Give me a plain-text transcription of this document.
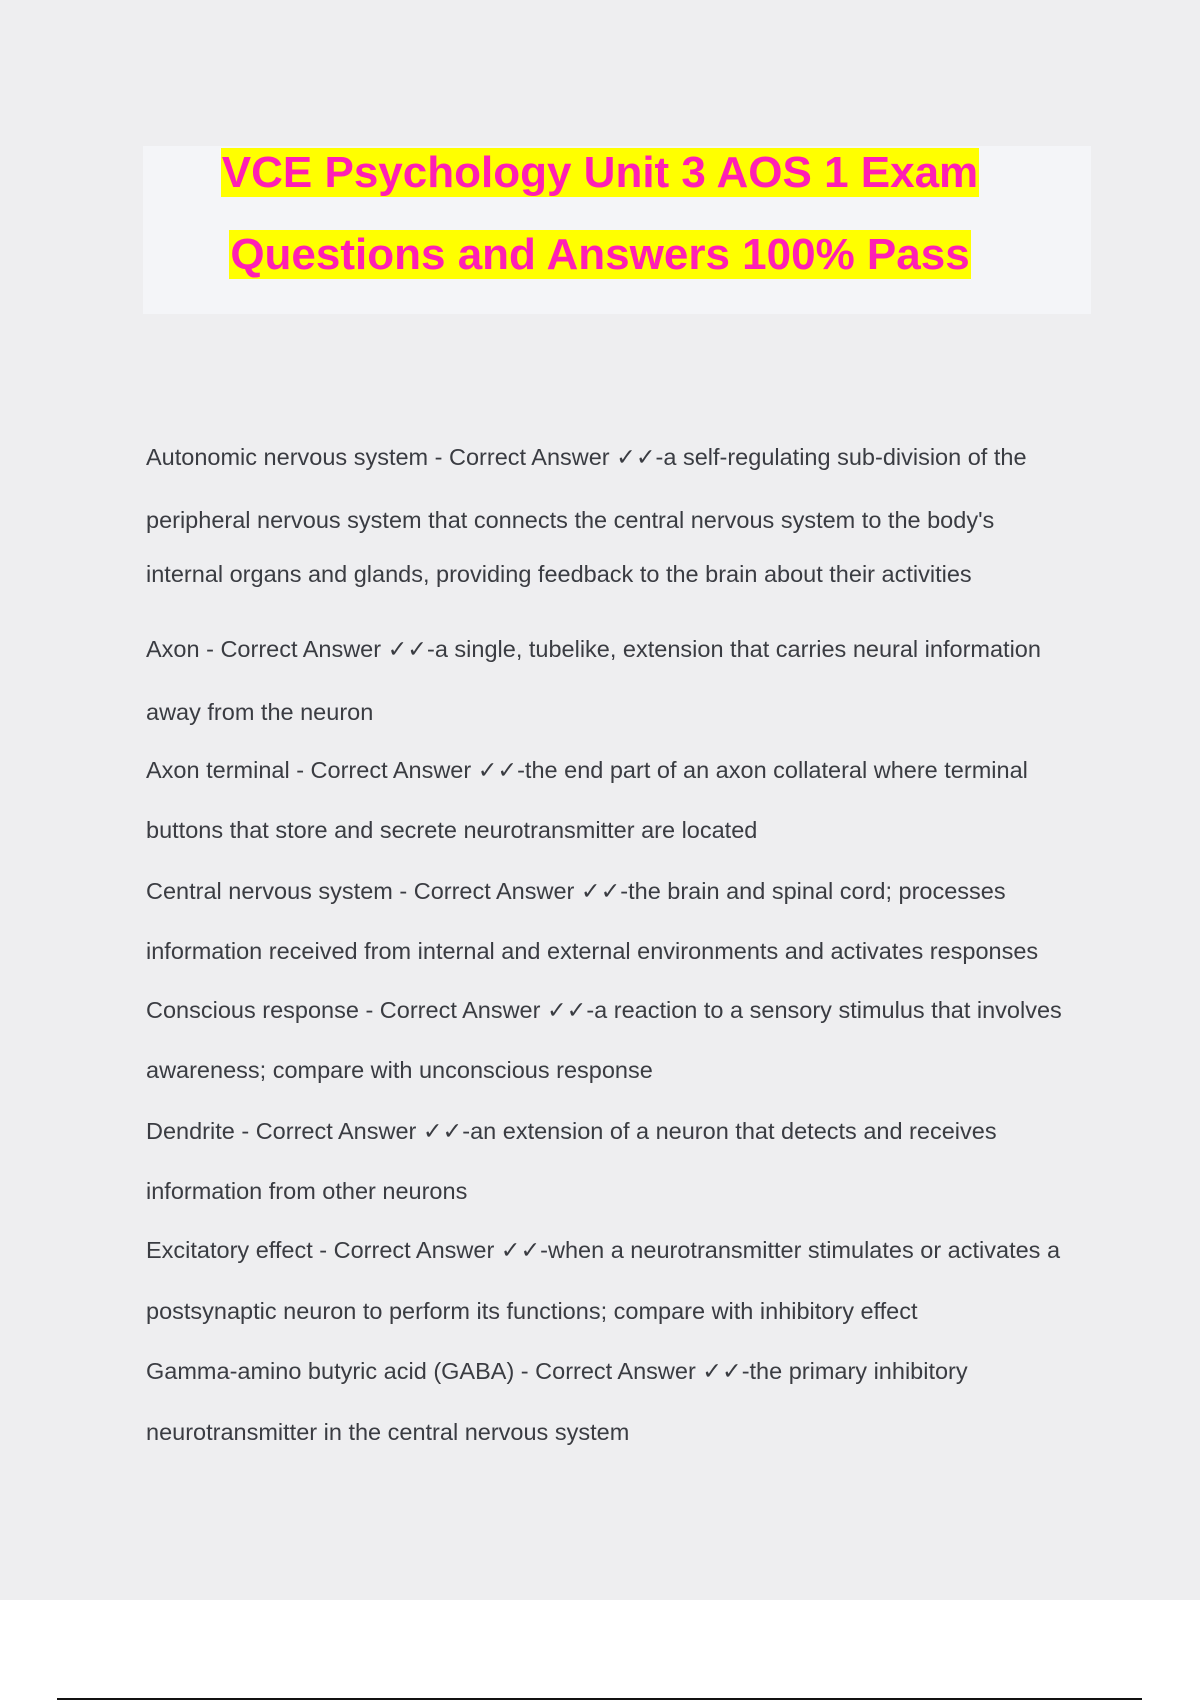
VCE Psychology Unit 3 AOS 1 Exam
Questions and Answers 100% Pass
Autonomic nervous system - Correct Answer ✓✓-a self-regulating sub-division of the
peripheral nervous system that connects the central nervous system to the body's
internal organs and glands, providing feedback to the brain about their activities
Axon - Correct Answer ✓✓-a single, tubelike, extension that carries neural information
away from the neuron
Axon terminal - Correct Answer ✓✓-the end part of an axon collateral where terminal
buttons that store and secrete neurotransmitter are located
Central nervous system - Correct Answer ✓✓-the brain and spinal cord; processes
information received from internal and external environments and activates responses
Conscious response - Correct Answer ✓✓-a reaction to a sensory stimulus that involves
awareness; compare with unconscious response
Dendrite - Correct Answer ✓✓-an extension of a neuron that detects and receives
information from other neurons
Excitatory effect - Correct Answer ✓✓-when a neurotransmitter stimulates or activates a
postsynaptic neuron to perform its functions; compare with inhibitory effect
Gamma-amino butyric acid (GABA) - Correct Answer ✓✓-the primary inhibitory
neurotransmitter in the central nervous system
